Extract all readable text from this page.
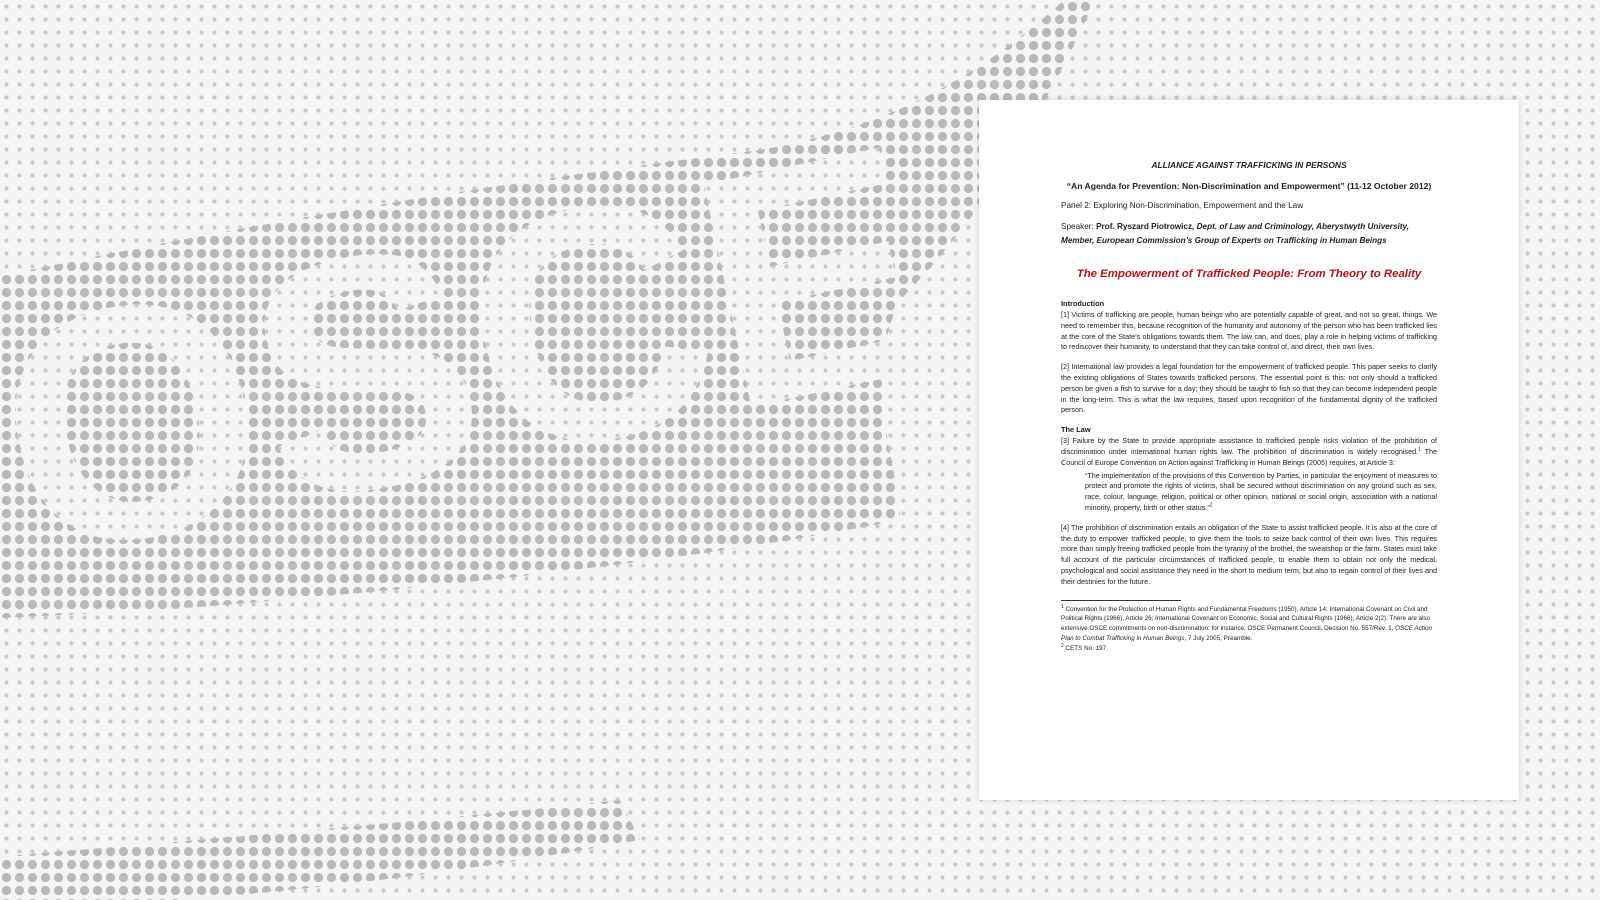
ALLIANCE AGAINST TRAFFICKING IN PERSONS

“An Agenda for Prevention: Non-Discrimination and Empowerment” (11-12 October 2012)

Panel 2: Exploring Non-Discrimination, Empowerment and the Law

Speaker: Prof. Ryszard Piotrowicz, Dept. of Law and Criminology, Aberystwyth University,
Member, European Commission’s Group of Experts on Trafficking in Human Beings

The Empowerment of Trafficked People: From Theory to Reality

Introduction

[1] Victims of trafficking are people, human beings who are potentially capable of great, and not so great, things. We need to remember this, because recognition of the humanity and autonomy of the person who has been trafficked lies at the core of the State’s obligations towards them. The law can, and does, play a role in helping victims of trafficking to rediscover their humanity, to understand that they can take control of, and direct, their own lives.

[2] International law provides a legal foundation for the empowerment of trafficked people. This paper seeks to clarify the existing obligations of States towards trafficked persons. The essential point is this: not only should a trafficked person be given a fish to survive for a day; they should be taught to fish so that they can become independent people in the long-term. This is what the law requires, based upon recognition of the fundamental dignity of the trafficked person.

The Law

[3] Failure by the State to provide appropriate assistance to trafficked people risks violation of the prohibition of discrimination under international human rights law. The prohibition of discrimination is widely recognised.$^1$ The Council of Europe Convention on Action against Trafficking in Human Beings (2005) requires, at Article 3:

“The implementation of the provisions of this Convention by Parties, in particular the enjoyment of measures to protect and promote the rights of victims, shall be secured without discrimination on any ground such as sex, race, colour, language, religion, political or other opinion, national or social origin, association with a national minority, property, birth or other status.”$^2$

[4] The prohibition of discrimination entails an obligation of the State to assist trafficked people. It is also at the core of the duty to empower trafficked people, to give them the tools to seize back control of their own lives. This requires more than simply freeing trafficked people from the tyranny of the brothel, the sweatshop or the farm. States must take full account of the particular circumstances of trafficked people, to enable them to obtain not only the medical, psychological and social assistance they need in the short to medium term, but also to regain control of their lives and their destinies for the future.

$^1$ Convention for the Protection of Human Rights and Fundamental Freedoms (1950), Article 14; International Covenant on Civil and Political Rights (1966), Article 26; International Covenant on Economic, Social and Cultural Rights (1966), Article 2(2). There are also extensive OSCE commitments on non-discrimination: for instance, OSCE Permanent Council, Decision No. 557/Rev. 1, OSCE Action Plan to Combat Trafficking in Human Beings, 7 July 2005, Preamble.

$^2$ CETS No. 197.
